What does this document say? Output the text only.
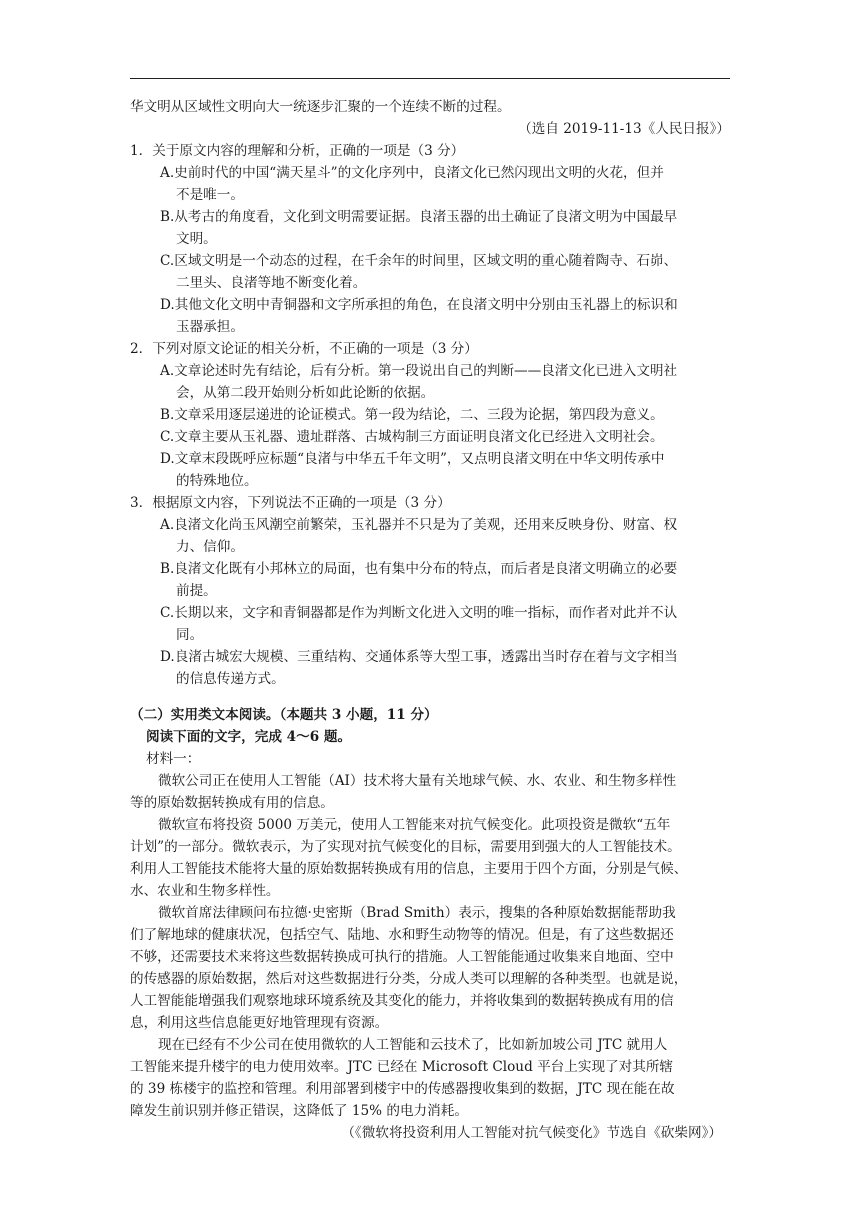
华文明从区域性文明向大一统逐步汇聚的一个连续不断的过程。
（选自 2019-11-13《人民日报》）
1．关于原文内容的理解和分析，正确的一项是（3 分）
A.史前时代的中国“满天星斗”的文化序列中，良渚文化已然闪现出文明的火花，但并
不是唯一。
B.从考古的角度看，文化到文明需要证据。良渚玉器的出土确证了良渚文明为中国最早
文明。
C.区域文明是一个动态的过程，在千余年的时间里，区域文明的重心随着陶寺、石峁、
二里头、良渚等地不断变化着。
D.其他文化文明中青铜器和文字所承担的角色，在良渚文明中分别由玉礼器上的标识和
玉器承担。
2．下列对原文论证的相关分析，不正确的一项是（3 分）
A.文章论述时先有结论，后有分析。第一段说出自己的判断——良渚文化已进入文明社
会，从第二段开始则分析如此论断的依据。
B.文章采用逐层递进的论证模式。第一段为结论，二、三段为论据，第四段为意义。
C.文章主要从玉礼器、遗址群落、古城构制三方面证明良渚文化已经进入文明社会。
D.文章末段既呼应标题“良渚与中华五千年文明”，又点明良渚文明在中华文明传承中
的特殊地位。
3．根据原文内容，下列说法不正确的一项是（3 分）
A.良渚文化尚玉风潮空前繁荣，玉礼器并不只是为了美观，还用来反映身份、财富、权
力、信仰。
B.良渚文化既有小邦林立的局面，也有集中分布的特点，而后者是良渚文明确立的必要
前提。
C.长期以来，文字和青铜器都是作为判断文化进入文明的唯一指标，而作者对此并不认
同。
D.良渚古城宏大规模、三重结构、交通体系等大型工事，透露出当时存在着与文字相当
的信息传递方式。
（二）实用类文本阅读。（本题共 3 小题，11 分）
阅读下面的文字，完成 4～6 题。
材料一：
微软公司正在使用人工智能（AI）技术将大量有关地球气候、水、农业、和生物多样性
等的原始数据转换成有用的信息。
微软宣布将投资 5000 万美元，使用人工智能来对抗气候变化。此项投资是微软“五年
计划”的一部分。微软表示，为了实现对抗气候变化的目标，需要用到强大的人工智能技术。
利用人工智能技术能将大量的原始数据转换成有用的信息，主要用于四个方面，分别是气候、
水、农业和生物多样性。
微软首席法律顾问布拉德·史密斯（Brad Smith）表示，搜集的各种原始数据能帮助我
们了解地球的健康状况，包括空气、陆地、水和野生动物等的情况。但是，有了这些数据还
不够，还需要技术来将这些数据转换成可执行的措施。人工智能能通过收集来自地面、空中
的传感器的原始数据，然后对这些数据进行分类，分成人类可以理解的各种类型。也就是说，
人工智能能增强我们观察地球环境系统及其变化的能力，并将收集到的数据转换成有用的信
息，利用这些信息能更好地管理现有资源。
现在已经有不少公司在使用微软的人工智能和云技术了，比如新加坡公司 JTC 就用人
工智能来提升楼宇的电力使用效率。JTC 已经在 Microsoft Cloud 平台上实现了对其所辖
的 39 栋楼宇的监控和管理。利用部署到楼宇中的传感器搜收集到的数据，JTC 现在能在故
障发生前识别并修正错误，这降低了 15% 的电力消耗。
（《微软将投资利用人工智能对抗气候变化》节选自《砍柴网》）
